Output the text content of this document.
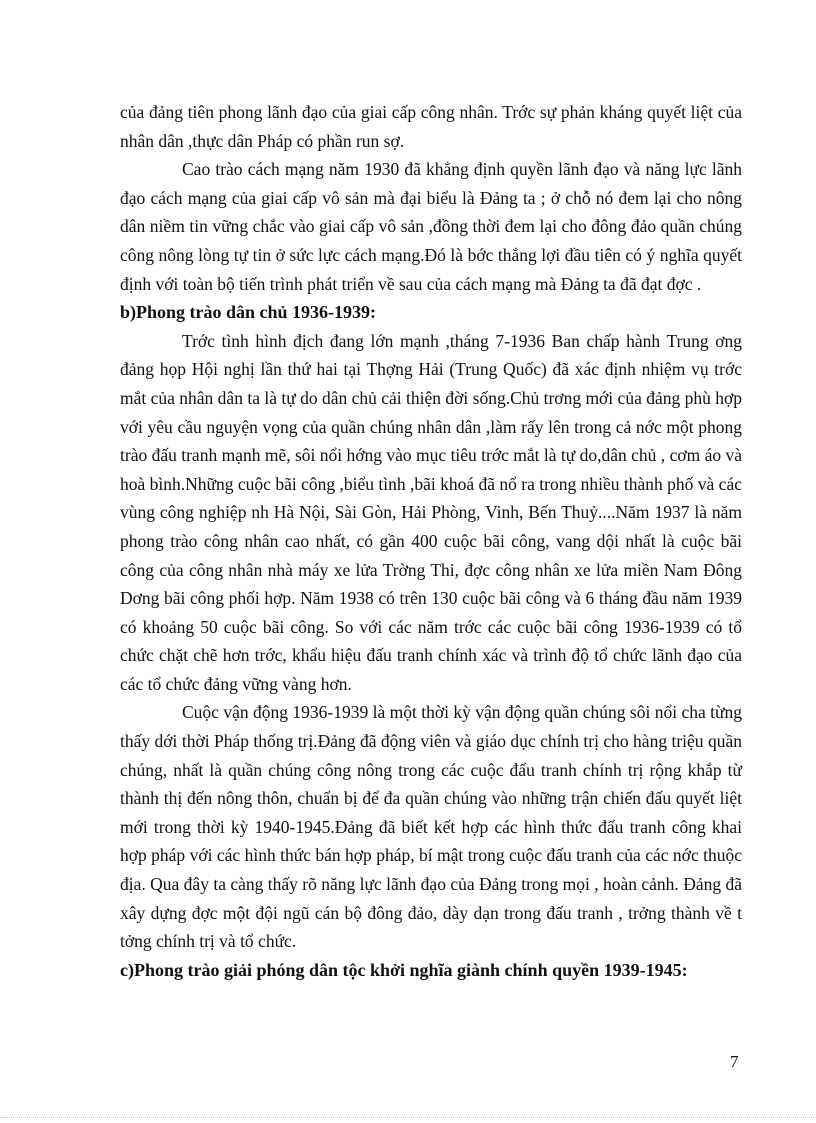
của đảng tiên phong lãnh đạo của giai cấp công nhân. Trớc sự phản kháng quyết liệt của nhân dân ,thực dân Pháp có phần run sợ.

Cao trào cách mạng năm 1930 đã khẳng định quyền lãnh đạo và năng lực lãnh đạo cách mạng của giai cấp vô sản mà đại biểu là Đảng ta ; ở chỗ nó đem lại cho nông dân niềm tin vững chắc vào giai cấp vô sản ,đồng thời đem lại cho đông đảo quần chúng công nông lòng tự tin ở sức lực cách mạng.Đó là bớc thắng lợi đầu tiên có ý nghĩa quyết định với toàn bộ tiến trình phát triển về sau của cách mạng mà Đảng ta đã đạt đợc .

b)Phong trào dân chủ 1936-1939:

Trớc tình hình địch đang lớn mạnh ,tháng 7-1936 Ban chấp hành Trung ơng đảng họp Hội nghị lần thứ hai tại Thợng Hải (Trung Quốc) đã xác định nhiệm vụ trớc mắt của nhân dân ta là tự do dân chủ cải thiện đời sống.Chủ trơng mới của đảng phù hợp với yêu cầu nguyện vọng của quần chúng nhân dân ,làm rấy lên trong cả nớc một phong trào đấu tranh mạnh mẽ, sôi nổi hớng vào mục tiêu trớc mắt là tự do,dân chủ , cơm áo và hoà bình.Những cuộc bãi công ,biểu tình ,bãi khoá đã nổ ra trong nhiều thành phố và các vùng công nghiệp nh Hà Nội, Sài Gòn, Hải Phòng, Vinh, Bến Thuỷ....Năm 1937 là năm phong trào công nhân cao nhất, có gần 400 cuộc bãi công, vang dội nhất là cuộc bãi công của công nhân nhà máy xe lửa Trờng Thi, đợc công nhân xe lửa miền Nam Đông Dơng bãi công phối hợp. Năm 1938 có trên 130 cuộc bãi công và 6 tháng đầu năm 1939 có khoảng 50 cuộc bãi công. So với các năm trớc các cuộc bãi công 1936-1939 có tổ chức chặt chẽ hơn trớc, khẩu hiệu đấu tranh chính xác và trình độ tổ chức lãnh đạo của các tổ chức đảng vững vàng hơn.

Cuộc vận động 1936-1939 là một thời kỳ vận động quần chúng sôi nổi cha từng thấy dới thời Pháp thống trị.Đảng đã động viên và giáo dục chính trị cho hàng triệu quần chúng, nhất là quần chúng công nông trong các cuộc đấu tranh chính trị rộng khắp từ thành thị đến nông thôn, chuẩn bị để đa quần chúng vào những trận chiến đấu quyết liệt mới trong thời kỳ 1940-1945.Đảng đã biết kết hợp các hình thức đấu tranh công khai hợp pháp với các hình thức bán hợp pháp, bí mật trong cuộc đấu tranh của các nớc thuộc địa. Qua đây ta càng thấy rõ năng lực lãnh đạo của Đảng trong mọi , hoàn cảnh. Đảng đã xây dựng đợc một đội ngũ cán bộ đông đảo, dày dạn trong đấu tranh , trởng thành về t tởng chính trị và tổ chức.

c)Phong trào giải phóng dân tộc khởi nghĩa giành chính quyền 1939-1945:

7
